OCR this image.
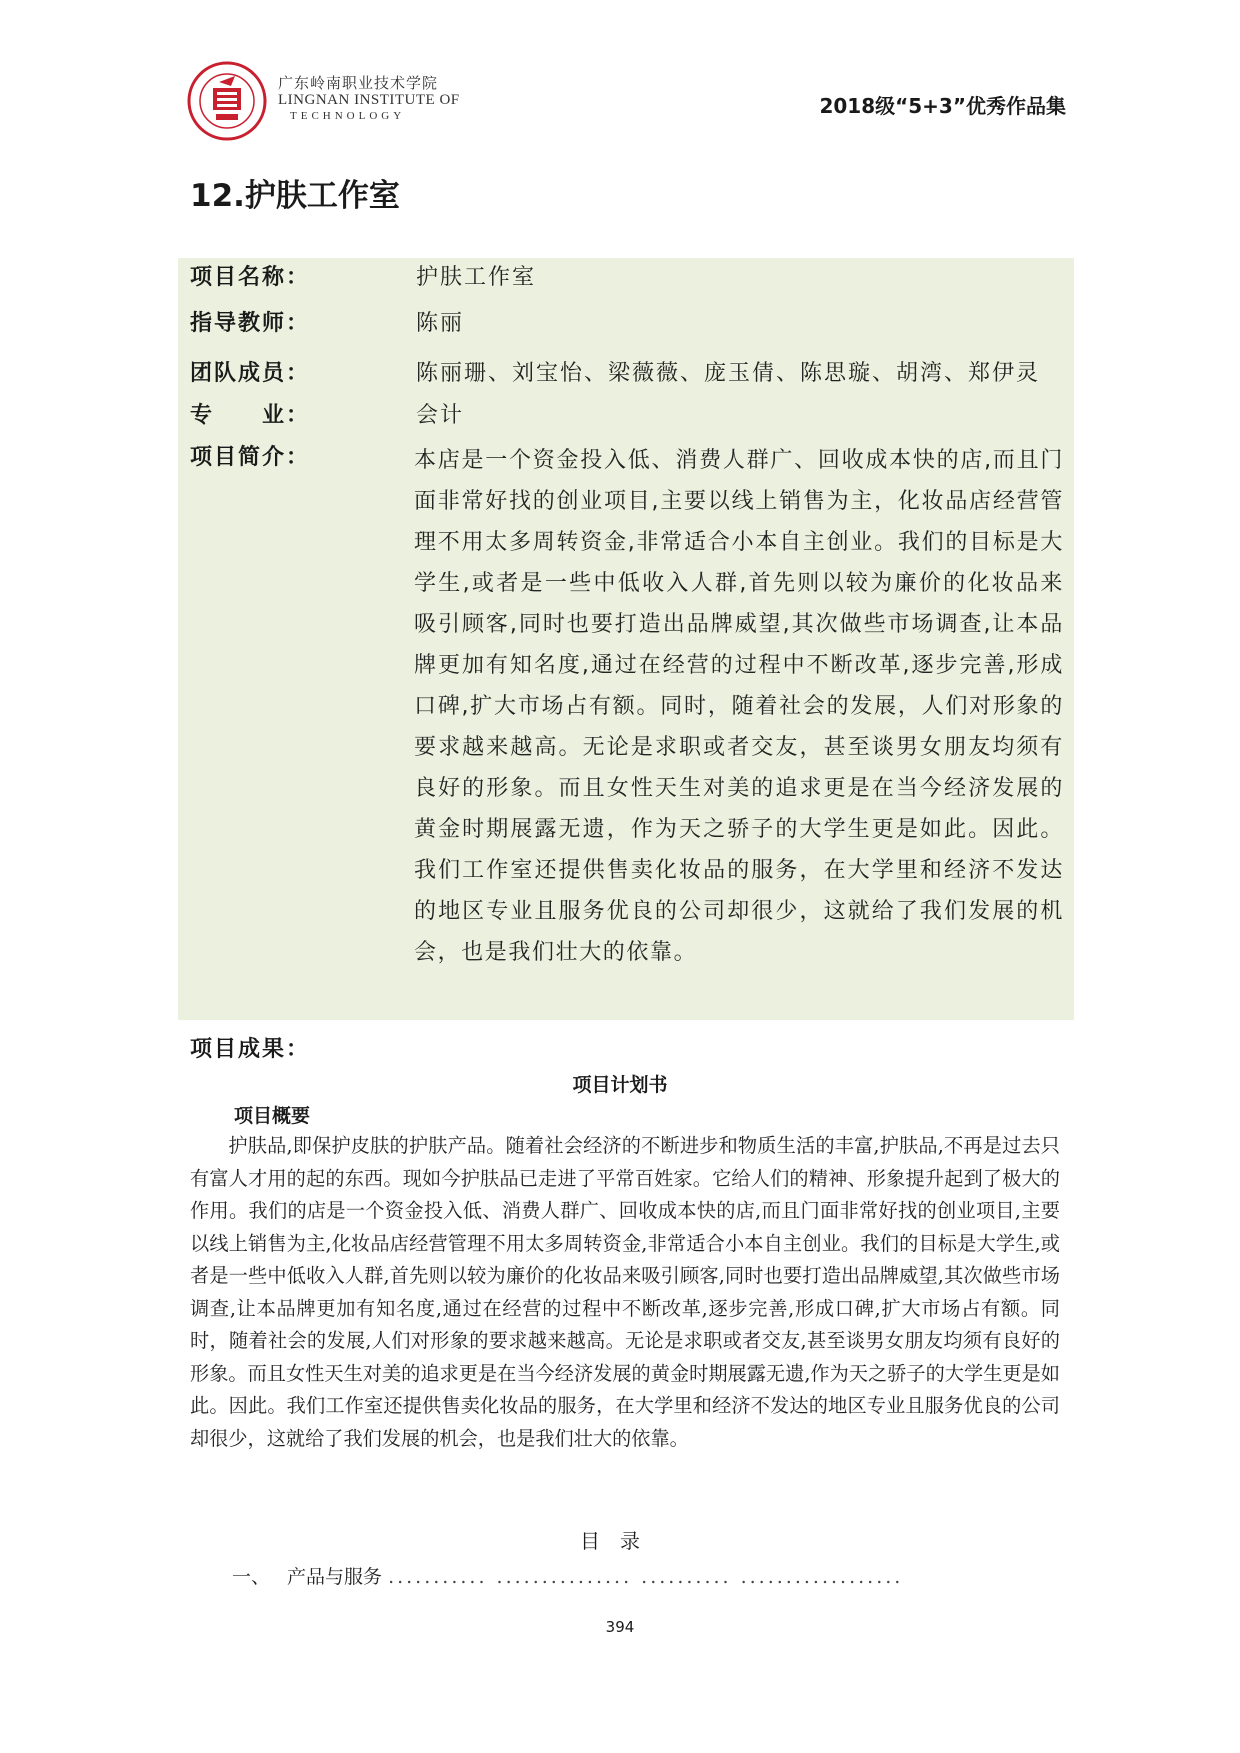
广东岭南职业技术学院
LINGNAN INSTITUTE OF
TECHNOLOGY	2018级“5+3”优秀作品集
12.护肤工作室
项目名称：	护肤工作室
指导教师：	陈丽
团队成员：	陈丽珊、刘宝怡、梁薇薇、庞玉倩、陈思璇、胡湾、郑伊灵
专　　业：	会计
项目简介：	本店是一个资金投入低、消费人群广、回收成本快的店,而且门面非常好找的创业项目,主要以线上销售为主，化妆品店经营管理不用太多周转资金,非常适合小本自主创业。我们的目标是大学生,或者是一些中低收入人群,首先则以较为廉价的化妆品来吸引顾客,同时也要打造出品牌威望,其次做些市场调查,让本品牌更加有知名度,通过在经营的过程中不断改革,逐步完善,形成口碑,扩大市场占有额。同时，随着社会的发展，人们对形象的要求越来越高。无论是求职或者交友，甚至谈男女朋友均须有良好的形象。而且女性天生对美的追求更是在当今经济发展的黄金时期展露无遗，作为天之骄子的大学生更是如此。因此。我们工作室还提供售卖化妆品的服务，在大学里和经济不发达的地区专业且服务优良的公司却很少，这就给了我们发展的机会，也是我们壮大的依靠。
项目成果：
项目计划书
项目概要
护肤品,即保护皮肤的护肤产品。随着社会经济的不断进步和物质生活的丰富,护肤品,不再是过去只有富人才用的起的东西。现如今护肤品已走进了平常百姓家。它给人们的精神、形象提升起到了极大的作用。我们的店是一个资金投入低、消费人群广、回收成本快的店,而且门面非常好找的创业项目,主要以线上销售为主,化妆品店经营管理不用太多周转资金,非常适合小本自主创业。我们的目标是大学生,或者是一些中低收入人群,首先则以较为廉价的化妆品来吸引顾客,同时也要打造出品牌威望,其次做些市场调查,让本品牌更加有知名度,通过在经营的过程中不断改革,逐步完善,形成口碑,扩大市场占有额。同时，随着社会的发展,人们对形象的要求越来越高。无论是求职或者交友,甚至谈男女朋友均须有良好的形象。而且女性天生对美的追求更是在当今经济发展的黄金时期展露无遗,作为天之骄子的大学生更是如此。因此。我们工作室还提供售卖化妆品的服务，在大学里和经济不发达的地区专业且服务优良的公司却很少，这就给了我们发展的机会，也是我们壮大的依靠。
目录
一、 产品与服务 ........... ............... .......... ..................
394
